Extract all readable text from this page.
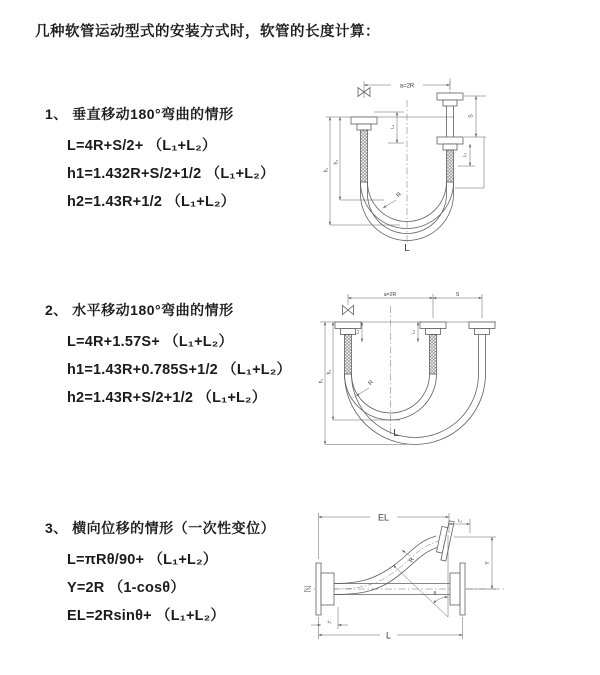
几种软管运动型式的安装方式时，软管的长度计算：
1、 垂直移动180°弯曲的情形
L=4R+S/2+ （L₁+L₂）
h1=1.432R+S/2+1/2 （L₁+L₂）
h2=1.43R+1/2 （L₁+L₂）
2、 水平移动180°弯曲的情形
L=4R+1.57S+ （L₁+L₂）
h1=1.43R+0.785S+1/2 （L₁+L₂）
h2=1.43R+S/2+1/2 （L₁+L₂）
3、 横向位移的情形（一次性变位）
L=πRθ/90+ （L₁+L₂）
Y=2R （1-cosθ）
EL=2Rsinθ+ （L₁+L₂）
a=2R
h₁
h₂
L₁
S
L₂
R
L
a=2R	S
h₁
h₂
L₁	L₂
R
L
EL	L₂
Y
R
θ
L
L₁
